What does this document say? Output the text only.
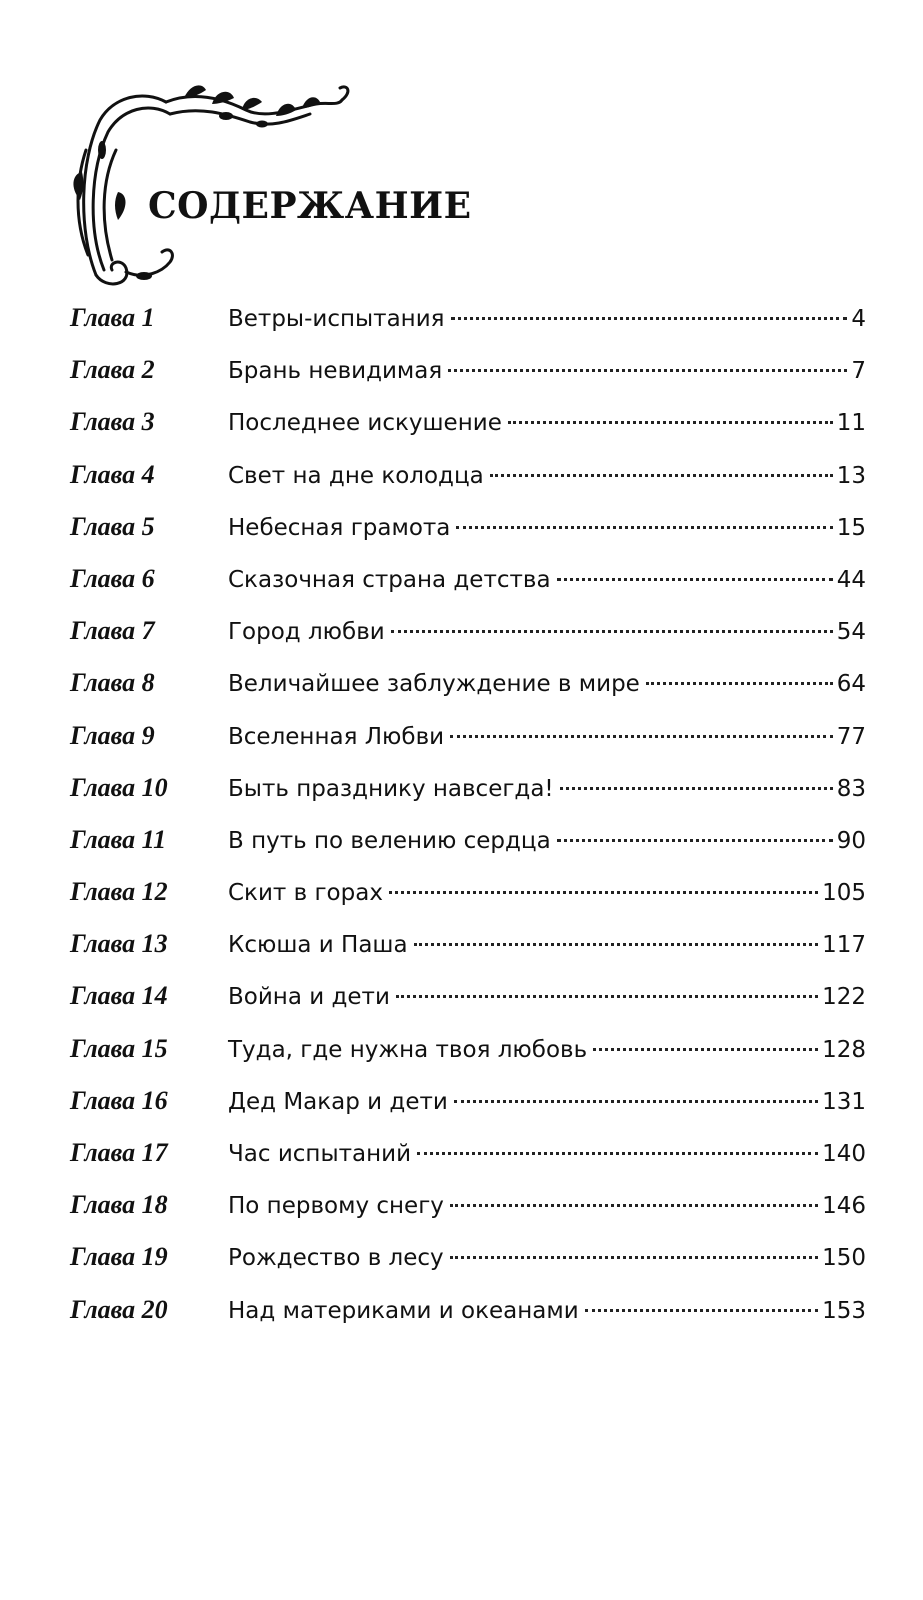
СОДЕРЖАНИЕ
Глава 1	Ветры-испытания	4
Глава 2	Брань невидимая	7
Глава 3	Последнее искушение	11
Глава 4	Свет на дне колодца	13
Глава 5	Небесная грамота	15
Глава 6	Сказочная страна детства	44
Глава 7	Город любви	54
Глава 8	Величайшее заблуждение в мире	64
Глава 9	Вселенная Любви	77
Глава 10	Быть празднику навсегда!	83
Глава 11	В путь по велению сердца	90
Глава 12	Скит в горах	105
Глава 13	Ксюша и Паша	117
Глава 14	Война и дети	122
Глава 15	Туда, где нужна твоя любовь	128
Глава 16	Дед Макар и дети	131
Глава 17	Час испытаний	140
Глава 18	По первому снегу	146
Глава 19	Рождество в лесу	150
Глава 20	Над материками и океанами	153
